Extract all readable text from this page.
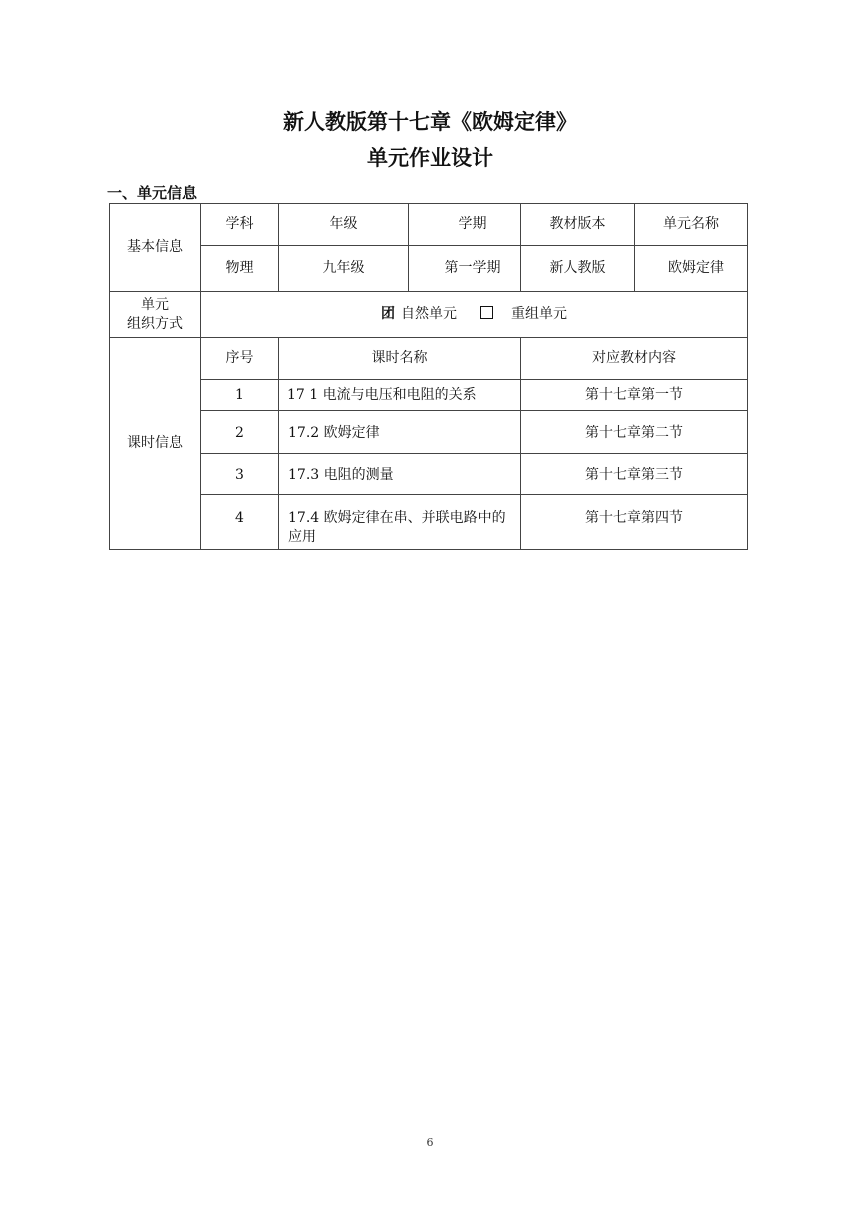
新人教版第十七章《欧姆定律》
单元作业设计
一、单元信息
基本信息	学科	年级	学期	教材版本	单元名称
	物理	九年级	第一学期	新人教版	欧姆定律

单元
组织方式	团 自然单元 重组单元				
课时信息	序号	课时名称		对应教材内容	
	1	17 1 电流与电压和电阻的关系		第十七章第一节	
	2	17.2 欧姆定律		第十七章第二节	
	3	17.3 电阻的测量		第十七章第三节	
	4	17.4 欧姆定律在串、并联电路中的应用		第十七章第四节	
6
